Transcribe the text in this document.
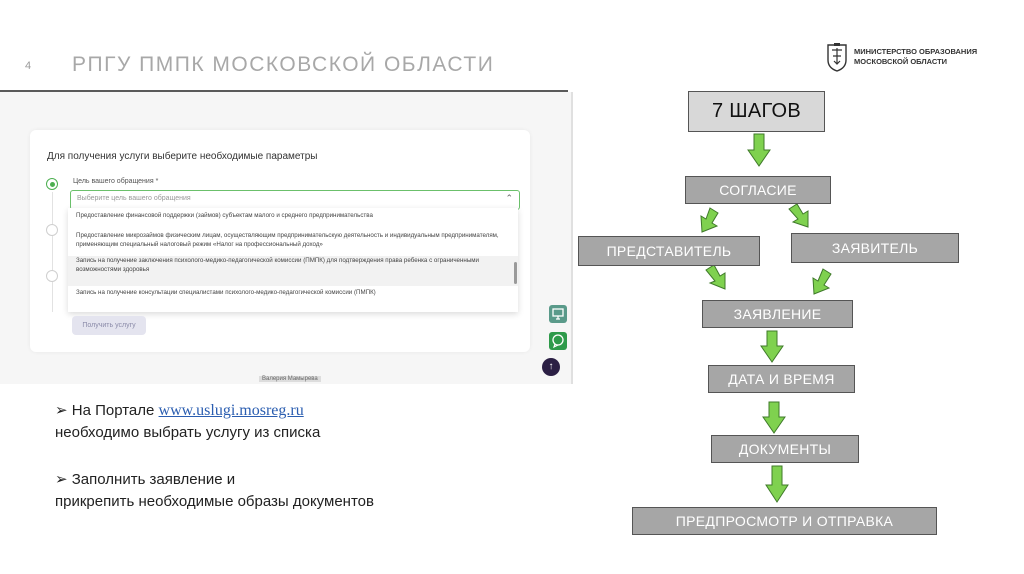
4 РПГУ ПМПК МОСКОВСКОЙ ОБЛАСТИ
МИНИСТЕРСТВО ОБРАЗОВАНИЯ
МОСКОВСКОЙ ОБЛАСТИ
Для получения услуги выберите необходимые параметры
Цель вашего обращения *
Выберите цель вашего обращения	⌃
Предоставление финансовой поддержки (займов) субъектам малого и среднего предпринимательства
Предоставление микрозаймов физическим лицам, осуществляющим предпринимательскую деятельность и индивидуальным предпринимателям, применяющим специальный налоговый режим «Налог на профессиональный доход»
Запись на получение заключения психолого-медико-педагогической комиссии (ПМПК) для подтверждения права ребенка с ограниченными возможностями здоровья
Запись на получение консультации специалистами психолого-медико-педагогической комиссии (ПМПК)
Получить услугу
↑
Валерия Мамырева
➢ На Портале www.uslugi.mosreg.ru
необходимо выбрать услугу из списка
➢ Заполнить заявление и
прикрепить необходимые образы документов
7 ШАГОВ
СОГЛАСИЕ
ПРЕДСТАВИТЕЛЬ	ЗАЯВИТЕЛЬ
ЗАЯВЛЕНИЕ
ДАТА И ВРЕМЯ
ДОКУМЕНТЫ
ПРЕДПРОСМОТР И ОТПРАВКА
